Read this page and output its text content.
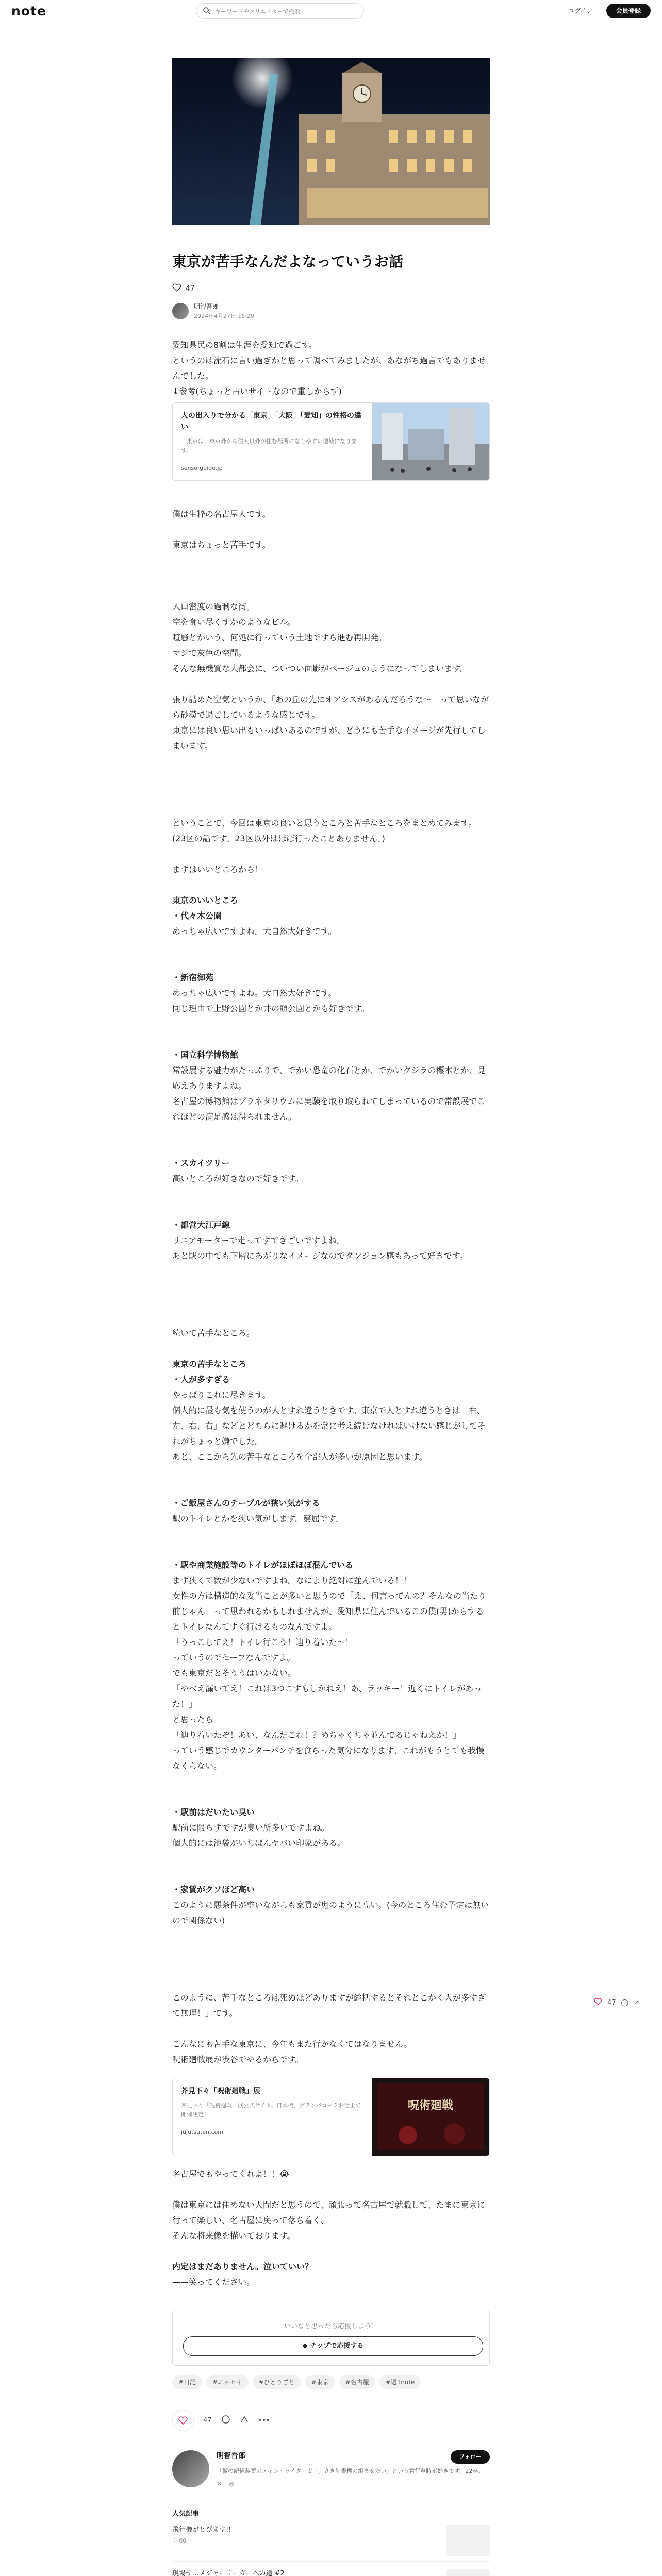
note
キーワードやクリエイターで検索	ログイン	会員登録
東京が苦手なんだよなっていうお話
47
明智吾郎
2024年4月27日 15:29

愛知県民の8割は生涯を愛知で過ごす。

というのは流石に言い過ぎかと思って調べてみましたが、あながち過言でもありませんでした。

↓参考(ちょっと古いサイトなので重しからず)

人の出入りで分かる「東京」「大阪」「愛知」の性格の違い
「東京は、東京外から住人以外が住む場所になりやすい地域になります。」
sensorguide.jp

僕は生粋の名古屋人です。

東京はちょっと苦手です。

人口密度の過剰な街。

空を食い尽くすかのようなビル。

喧騒とかいう、何処に行っていう土地ですら進む再開発。

マジで灰色の空間。

そんな無機質な大都会に、ついつい面影がベージュのようになってしまいます。

張り詰めた空気というか、「あの丘の先にオアシスがあるんだろうな〜」って思いながら砂漠で過ごしているような感じです。

東京には良い思い出もいっぱいあるのですが、どうにも苦手なイメージが先行してしまいます。

ということで、今回は東京の良いと思うところと苦手なところをまとめてみます。

(23区の話です。23区以外はほぼ行ったことありません。)

まずはいいところから！

東京のいいところ

・代々木公園

めっちゃ広いですよね。大自然大好きです。

・新宿御苑

めっちゃ広いですよね。大自然大好きです。

同じ理由で上野公園とか井の頭公園とかも好きです。

・国立科学博物館

常設展する魅力がたっぷりで、でかい恐竜の化石とか、でかいクジラの標本とか、見応えありますよね。

名古屋の博物館はプラネタリウムに実験を取り取られてしまっているので常設展でこれほどの満足感は得られません。

・スカイツリー

高いところが好きなので好きです。

・都営大江戸線

リニアモーターで走ってすてきごいですよね。

あと駅の中でも下層にあがりなイメージなのでダンジョン感もあって好きです。

続いて苦手なところ。

東京の苦手なところ

・人が多すぎる

やっぱりこれに尽きます。

個人的に最も気を使うのが人とすれ違うときです。東京で人とすれ違うときは「右、左、右、右」などとどちらに避けるかを常に考え続けなければいけない感じがしてそれがちょっと嫌でした。

あと、ここから先の苦手なところを全部人が多いが原因と思います。

・ご飯屋さんのテーブルが狭い気がする

駅のトイレとかを狭い気がします。窮屈です。

・駅や商業施設等のトイレがほぼほぼ混んでいる

まず狭くて数が少ないですよね。なにより絶対に並んでいる！！

女性の方は構造的な妥当ことが多いと思うので「え、何言ってんの？そんなの当たり前じゃん」って思われるかもしれませんが、愛知県に住んでいるこの僕(男)からするとトイレなんてすぐ行けるものなんですよ。

「うっこしてえ！トイレ行こう！辿り着いた〜！」

っていうのでセーフなんですよ。

でも東京だとそううはいかない。

「やべえ漏いてえ！これは3つこすもしかねえ！あ、ラッキー！近くにトイレがあった！」

と思ったら

「辿り着いたぞ！あい、なんだこれ！？めちゃくちゃ並んでるじゃねえか！」

っていう感じでカウンターパンチを食らった気分になります。これがもうとても我慢なくらない。

・駅前はだいたい臭い

駅前に限らずですが臭い所多いですよね。

個人的には池袋がいちばんヤバい印象がある。

・家賃がクソほど高い

このように悪条件が整いながらも家賃が鬼のように高い。(今のところ住む予定は無いので関係ない)

このように、苦手なところは死ぬほどありますが総括するとそれとこかく人が多すぎて無理！」です。

こんなにも苦手な東京に、今年もまた行かなくてはなりません。

呪術廻戦展が渋谷でやるからです。

芥見下々「呪術廻戦」展
芥見下々「呪術廻戦」展公式サイト、日本橋、グランバロックお仕上で開催決定！
jujutsuten.com
呪術廻戦

名古屋でもやってくれよ！！😭

僕は東京には住めない人間だと思うので、頑張って名古屋で就職して、たまに東京に行って楽しい、名古屋に戻って落ち着く、

そんな将来像を描いております。

内定はまだありません。泣いていい？

——笑ってください。

いいなと思ったら応援しよう！
◆ チップで応援する
#日記	#エッセイ	#ひとりごと	#東京	#名古屋	#週1note
47	•••
明智吾郎	フォロー
「徹の記憶装置のメイン・ライターガー」さき証書機の組ませたい」という君行草時ボ好きです。22卒。
✕ ◎
人気記事
飛行機がとびます!!
♡ 60
現場サ…メジャーリーガーへの道 #2
47 ◯ ↗
